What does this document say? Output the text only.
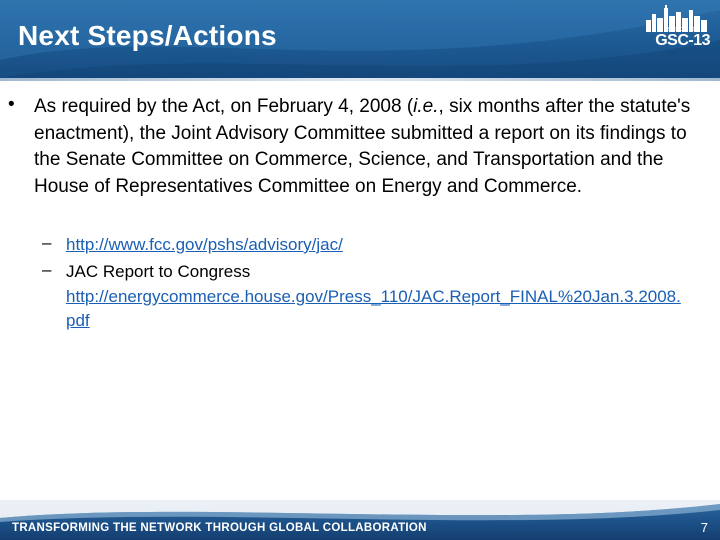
Next Steps/Actions	BOSTON 2008
GSC-13
• As required by the Act, on February 4, 2008 (i.e., six months after the statute's enactment), the Joint Advisory Committee submitted a report on its findings to the Senate Committee on Commerce, Science, and Transportation and the House of Representatives Committee on Energy and Commerce.
– http://www.fcc.gov/pshs/advisory/jac/
– JAC Report to Congress
http://energycommerce.house.gov/Press_110/JAC.Report_FINAL%20Jan.3.2008.pdf
TRANSFORMING THE NETWORK THROUGH GLOBAL COLLABORATION	7
